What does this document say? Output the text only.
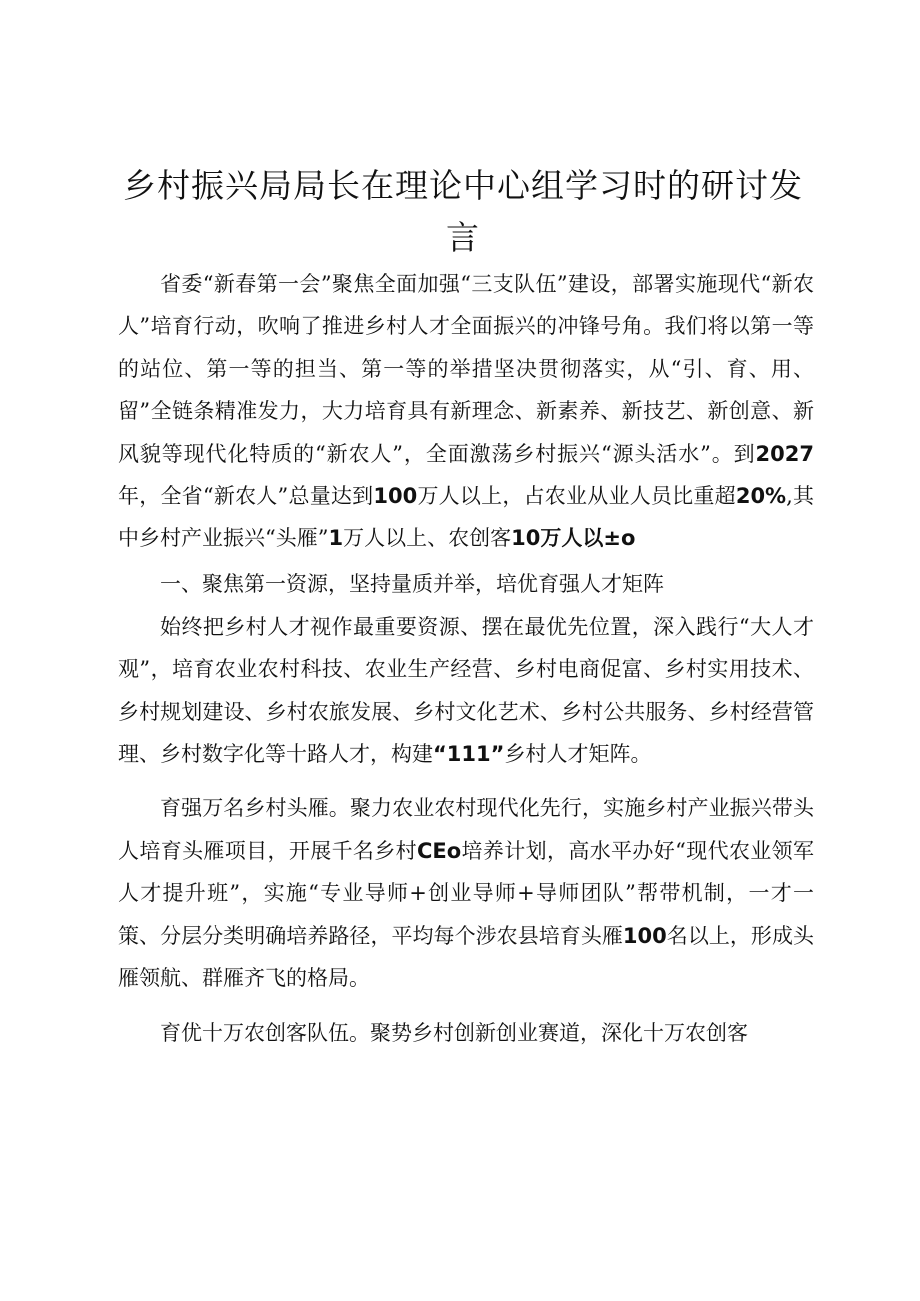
乡村振兴局局长在理论中心组学习时的研讨发言

省委“新春第一会”聚焦全面加强“三支队伍”建设，部署实施现代“新农人”培育行动，吹响了推进乡村人才全面振兴的冲锋号角。我们将以第一等的站位、第一等的担当、第一等的举措坚决贯彻落实，从“引、育、用、留”全链条精准发力，大力培育具有新理念、新素养、新技艺、新创意、新风貌等现代化特质的“新农人”，全面激荡乡村振兴“源头活水”。到2027年，全省“新农人”总量达到100万人以上，占农业从业人员比重超20%,其中乡村产业振兴“头雁”1万人以上、农创客10万人以±o

一、聚焦第一资源，坚持量质并举，培优育强人才矩阵

始终把乡村人才视作最重要资源、摆在最优先位置，深入践行“大人才观”，培育农业农村科技、农业生产经营、乡村电商促富、乡村实用技术、乡村规划建设、乡村农旅发展、乡村文化艺术、乡村公共服务、乡村经营管理、乡村数字化等十路人才，构建“111”乡村人才矩阵。

育强万名乡村头雁。聚力农业农村现代化先行，实施乡村产业振兴带头人培育头雁项目，开展千名乡村CEo培养计划，高水平办好“现代农业领军人才提升班”，实施“专业导师+创业导师+导师团队”帮带机制，一才一策、分层分类明确培养路径，平均每个涉农县培育头雁100名以上，形成头雁领航、群雁齐飞的格局。

育优十万农创客队伍。聚势乡村创新创业赛道，深化十万农创客
